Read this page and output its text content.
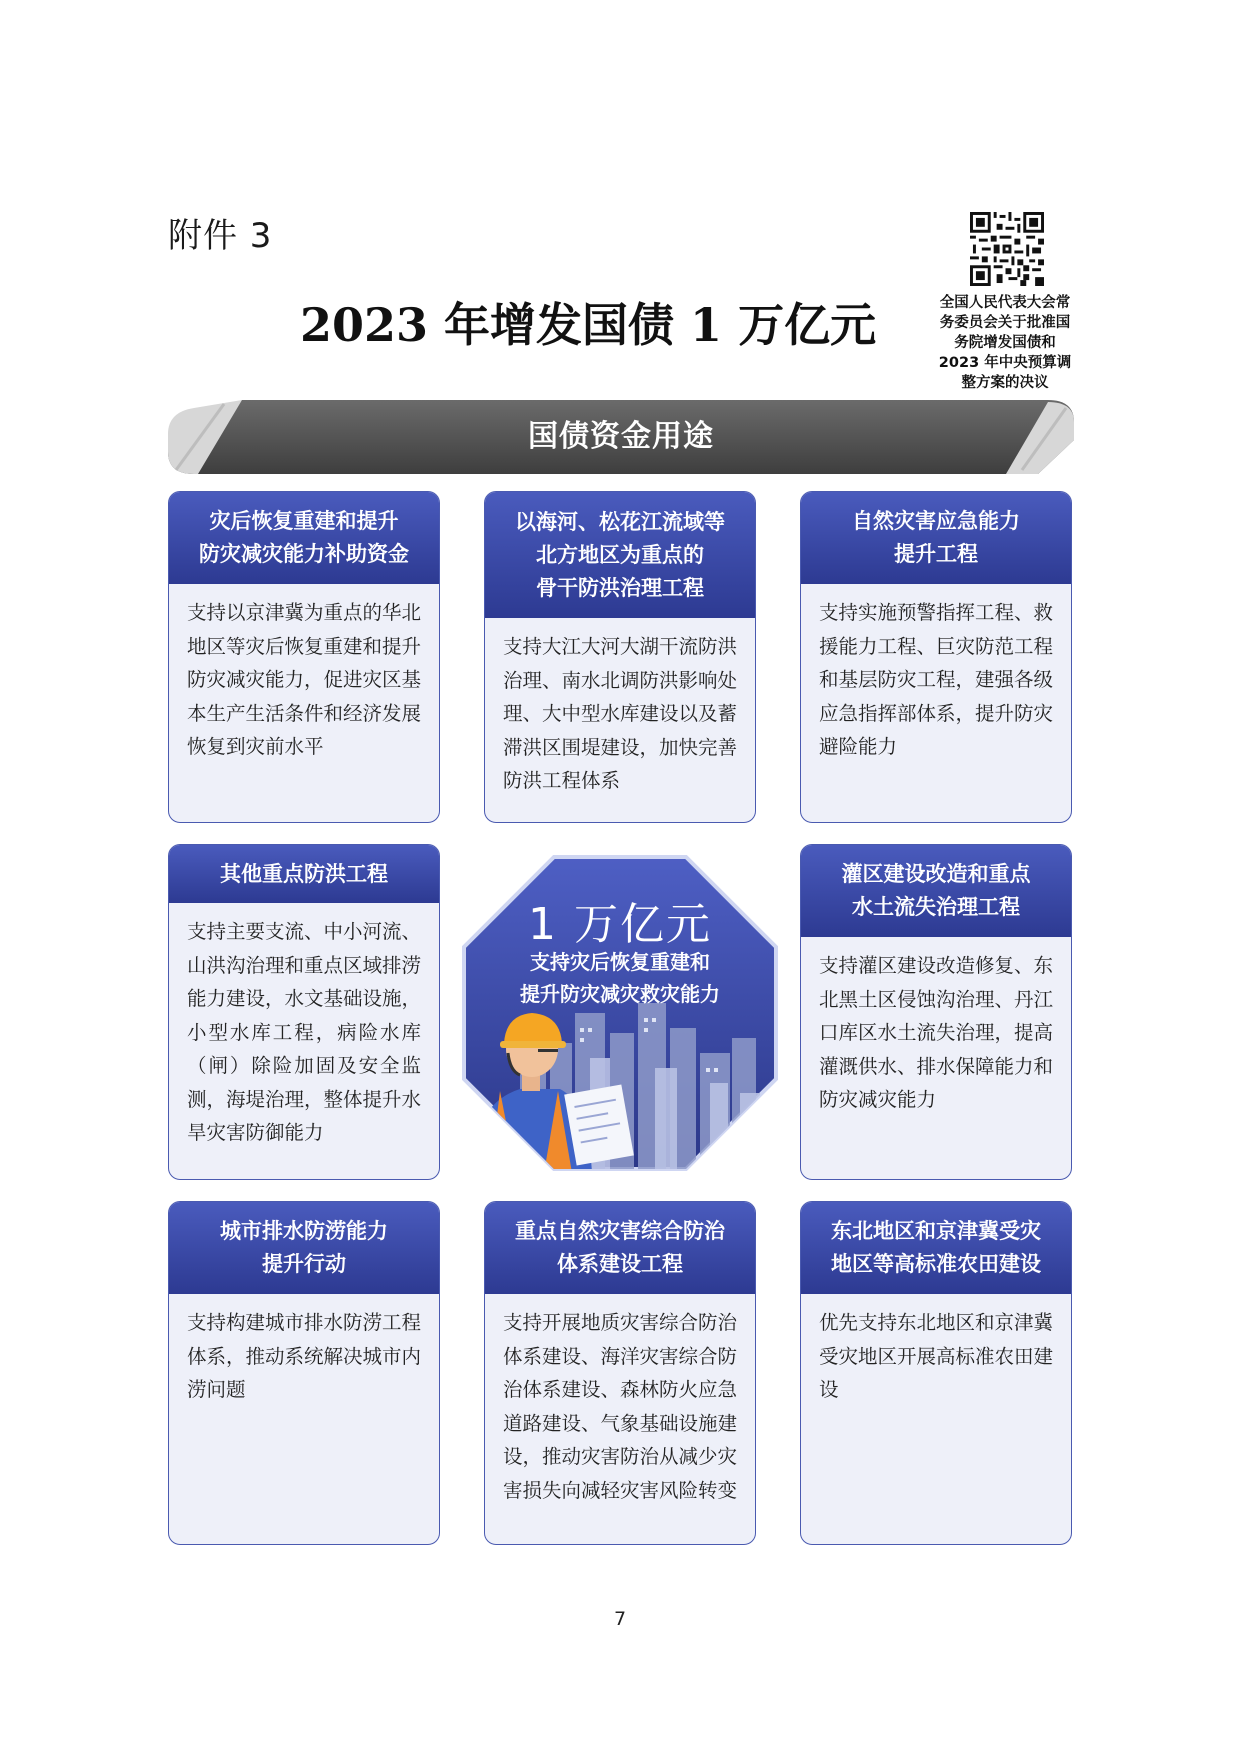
附件 3
全国人民代表大会常务委员会关于批准国务院增发国债和 2023 年中央预算调整方案的决议
2023 年增发国债 1 万亿元
国债资金用途
灾后恢复重建和提升
防灾减灾能力补助资金
支持以京津冀为重点的华北地区等灾后恢复重建和提升防灾减灾能力，促进灾区基本生产生活条件和经济发展恢复到灾前水平
以海河、松花江流域等
北方地区为重点的
骨干防洪治理工程
支持大江大河大湖干流防洪治理、南水北调防洪影响处理、大中型水库建设以及蓄滞洪区围堤建设，加快完善防洪工程体系
自然灾害应急能力
提升工程
支持实施预警指挥工程、救援能力工程、巨灾防范工程和基层防灾工程，建强各级应急指挥部体系，提升防灾避险能力
其他重点防洪工程
支持主要支流、中小河流、山洪沟治理和重点区域排涝能力建设，水文基础设施，小型水库工程，病险水库（闸）除险加固及安全监测，海堤治理，整体提升水旱灾害防御能力
1 万亿元
支持灾后恢复重建和
提升防灾减灾救灾能力
灌区建设改造和重点
水土流失治理工程
支持灌区建设改造修复、东北黑土区侵蚀沟治理、丹江口库区水土流失治理，提高灌溉供水、排水保障能力和防灾减灾能力
城市排水防涝能力
提升行动
支持构建城市排水防涝工程体系，推动系统解决城市内涝问题
重点自然灾害综合防治
体系建设工程
支持开展地质灾害综合防治体系建设、海洋灾害综合防治体系建设、森林防火应急道路建设、气象基础设施建设，推动灾害防治从减少灾害损失向减轻灾害风险转变
东北地区和京津冀受灾
地区等高标准农田建设
优先支持东北地区和京津冀受灾地区开展高标准农田建设
7
